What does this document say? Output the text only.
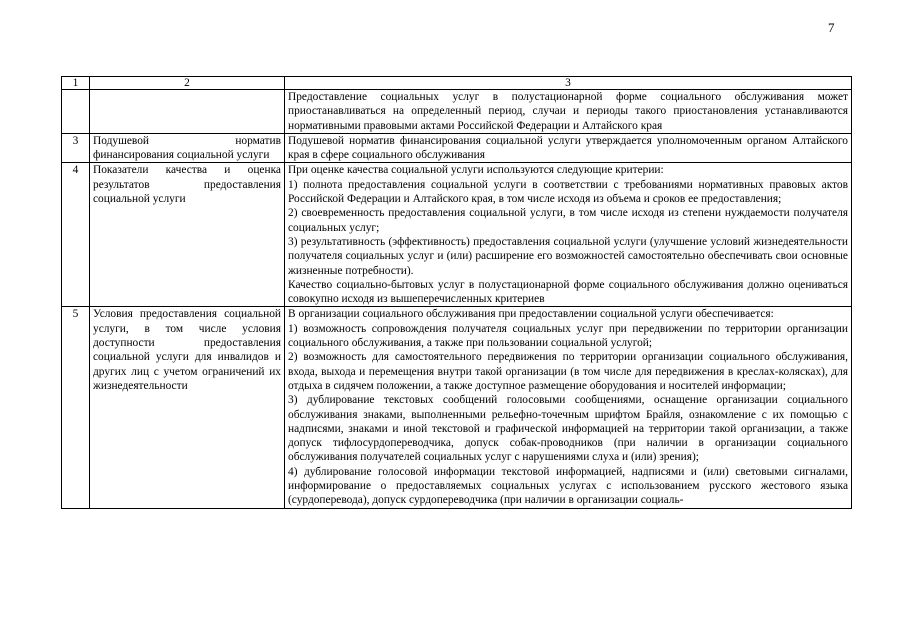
7
1	2	3

		Предоставление социальных услуг в полустационарной форме социального обслуживания может приостанавливаться на определенный период, случаи и периоды такого приостановления устанавливаются нормативными правовыми актами Российской Федерации и Алтайского края

3	Подушевой норматив финансирования социальной услуги	Подушевой норматив финансирования социальной услуги утверждается уполномоченным органом Алтайского края в сфере социального обслуживания

4	Показатели качества и оценка результатов предоставления социальной услуги	При оценке качества социальной услуги используются следующие критерии:
1) полнота предоставления социальной услуги в соответствии с требованиями нормативных правовых актов Российской Федерации и Алтайского края, в том числе исходя из объема и сроков ее предоставления;
2) своевременность предоставления социальной услуги, в том числе исходя из степени нуждаемости получателя социальных услуг;
3) результативность (эффективность) предоставления социальной услуги (улучшение условий жизнедеятельности получателя социальных услуг и (или) расширение его возможностей самостоятельно обеспечивать свои основные жизненные потребности).
Качество социально-бытовых услуг в полустационарной форме социального обслуживания должно оцениваться совокупно исходя из вышеперечисленных критериев

5	Условия предоставления социальной услуги, в том числе условия доступности предоставления социальной услуги для инвалидов и других лиц с учетом ограничений их жизнедеятельности	В организации социального обслуживания при предоставлении социальной услуги обеспечивается:
1) возможность сопровождения получателя социальных услуг при передвижении по территории организации социального обслуживания, а также при пользовании социальной услугой;
2) возможность для самостоятельного передвижения по территории организации социального обслуживания, входа, выхода и перемещения внутри такой организации (в том числе для передвижения в креслах-колясках), для отдыха в сидячем положении, а также доступное размещение оборудования и носителей информации;
3) дублирование текстовых сообщений голосовыми сообщениями, оснащение организации социального обслуживания знаками, выполненными рельефно-точечным шрифтом Брайля, ознакомление с их помощью с надписями, знаками и иной текстовой и графической информацией на территории такой организации, а также допуск тифлосурдопереводчика, допуск собак-проводников (при наличии в организации социального обслуживания получателей социальных услуг с нарушениями слуха и (или) зрения);
4) дублирование голосовой информации текстовой информацией, надписями и (или) световыми сигналами, информирование о предоставляемых социальных услугах с использованием русского жестового языка (сурдоперевода), допуск сурдопереводчика (при наличии в организации социаль-
